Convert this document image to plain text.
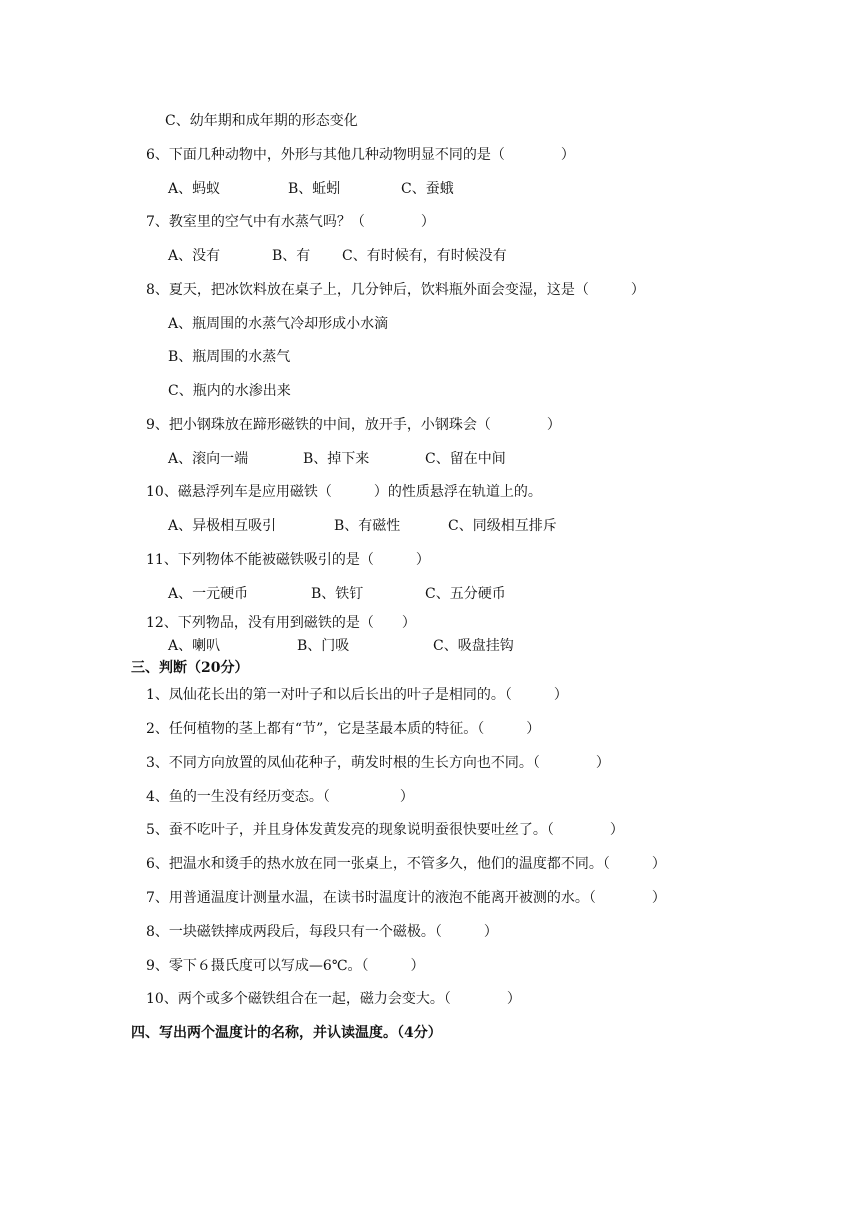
C、幼年期和成年期的形态变化
6、下面几种动物中，外形与其他几种动物明显不同的是（　　　　）
A、蚂蚁	B、蚯蚓	C、蚕蛾
7、教室里的空气中有水蒸气吗？（　　　　）
A、没有	B、有 C、有时候有，有时候没有
8、夏天，把冰饮料放在桌子上，几分钟后，饮料瓶外面会变湿，这是（　　　）
A、瓶周围的水蒸气冷却形成小水滴
B、瓶周围的水蒸气
C、瓶内的水渗出来
9、把小钢珠放在蹄形磁铁的中间，放开手，小钢珠会（　　　　）
A、滚向一端	B、掉下来	C、留在中间
10、磁悬浮列车是应用磁铁（　　　）的性质悬浮在轨道上的。
A、异极相互吸引	B、有磁性	C、同级相互排斥
11、下列物体不能被磁铁吸引的是（　　　）
A、一元硬币	B、铁钉	C、五分硬币
12、下列物品，没有用到磁铁的是（　　）
A、喇叭	B、门吸	C、吸盘挂钩
三、判断（20分）
1、凤仙花长出的第一对叶子和以后长出的叶子是相同的。（　　　）
2、任何植物的茎上都有“节”，它是茎最本质的特征。（　　　）
3、不同方向放置的凤仙花种子，萌发时根的生长方向也不同。（　　　　）
4、鱼的一生没有经历变态。（　　　　　）
5、蚕不吃叶子，并且身体发黄发亮的现象说明蚕很快要吐丝了。（　　　　）
6、把温水和烫手的热水放在同一张桌上，不管多久，他们的温度都不同。（　　　）
7、用普通温度计测量水温，在读书时温度计的液泡不能离开被测的水。（　　　　）
8、一块磁铁摔成两段后，每段只有一个磁极。（　　　）
9、零下６摄氏度可以写成—6℃。（　　　）
10、两个或多个磁铁组合在一起，磁力会变大。（　　　　）
四、写出两个温度计的名称，并认读温度。（4分）
